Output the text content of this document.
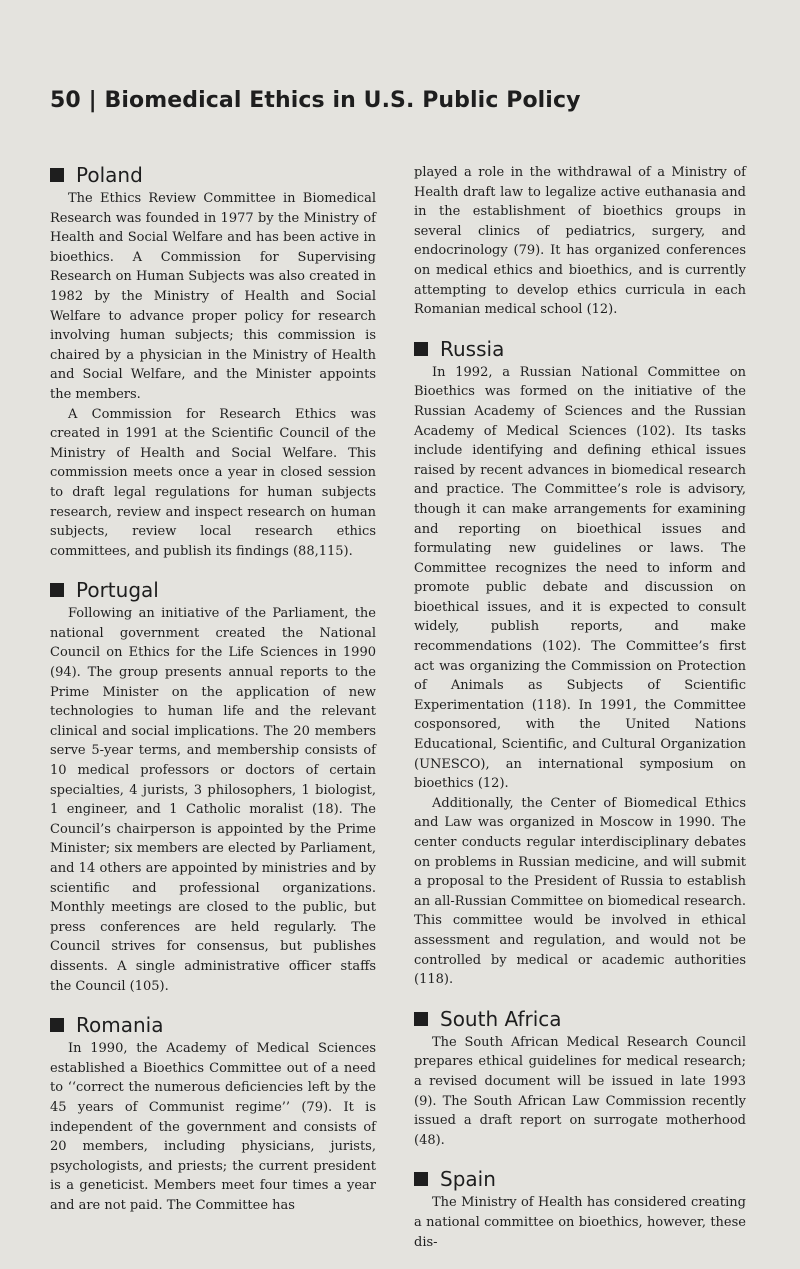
50 | Biomedical Ethics in U.S. Public Policy
Poland

The Ethics Review Committee in Biomedical Research was founded in 1977 by the Ministry of Health and Social Welfare and has been active in bioethics. A Commission for Supervising Research on Human Subjects was also created in 1982 by the Ministry of Health and Social Welfare to advance proper policy for research involving human subjects; this commission is chaired by a physician in the Ministry of Health and Social Welfare, and the Minister appoints the members.

A Commission for Research Ethics was created in 1991 at the Scientific Council of the Ministry of Health and Social Welfare. This commission meets once a year in closed session to draft legal regulations for human subjects research, review and inspect research on human subjects, review local research ethics committees, and publish its findings (88,115).

Portugal

Following an initiative of the Parliament, the national government created the National Council on Ethics for the Life Sciences in 1990 (94). The group presents annual reports to the Prime Minister on the application of new technologies to human life and the relevant clinical and social implications. The 20 members serve 5-year terms, and membership consists of 10 medical professors or doctors of certain specialties, 4 jurists, 3 philosophers, 1 biologist, 1 engineer, and 1 Catholic moralist (18). The Council’s chairperson is appointed by the Prime Minister; six members are elected by Parliament, and 14 others are appointed by ministries and by scientific and professional organizations. Monthly meetings are closed to the public, but press conferences are held regularly. The Council strives for consensus, but publishes dissents. A single administrative officer staffs the Council (105).

Romania

In 1990, the Academy of Medical Sciences established a Bioethics Committee out of a need to ‘‘correct the numerous deficiencies left by the 45 years of Communist regime’’ (79). It is independent of the government and consists of 20 members, including physicians, jurists, psychologists, and priests; the current president is a geneticist. Members meet four times a year and are not paid. The Committee has

played a role in the withdrawal of a Ministry of Health draft law to legalize active euthanasia and in the establishment of bioethics groups in several clinics of pediatrics, surgery, and endocrinology (79). It has organized conferences on medical ethics and bioethics, and is currently attempting to develop ethics curricula in each Romanian medical school (12).

Russia

In 1992, a Russian National Committee on Bioethics was formed on the initiative of the Russian Academy of Sciences and the Russian Academy of Medical Sciences (102). Its tasks include identifying and defining ethical issues raised by recent advances in biomedical research and practice. The Committee’s role is advisory, though it can make arrangements for examining and reporting on bioethical issues and formulating new guidelines or laws. The Committee recognizes the need to inform and promote public debate and discussion on bioethical issues, and it is expected to consult widely, publish reports, and make recommendations (102). The Committee’s first act was organizing the Commission on Protection of Animals as Subjects of Scientific Experimentation (118). In 1991, the Committee cosponsored, with the United Nations Educational, Scientific, and Cultural Organization (UNESCO), an international symposium on bioethics (12).

Additionally, the Center of Biomedical Ethics and Law was organized in Moscow in 1990. The center conducts regular interdisciplinary debates on problems in Russian medicine, and will submit a proposal to the President of Russia to establish an all-Russian Committee on biomedical research. This committee would be involved in ethical assessment and regulation, and would not be controlled by medical or academic authorities (118).

South Africa

The South African Medical Research Council prepares ethical guidelines for medical research; a revised document will be issued in late 1993 (9). The South African Law Commission recently issued a draft report on surrogate motherhood (48).

Spain

The Ministry of Health has considered creating a national committee on bioethics, however, these dis-
